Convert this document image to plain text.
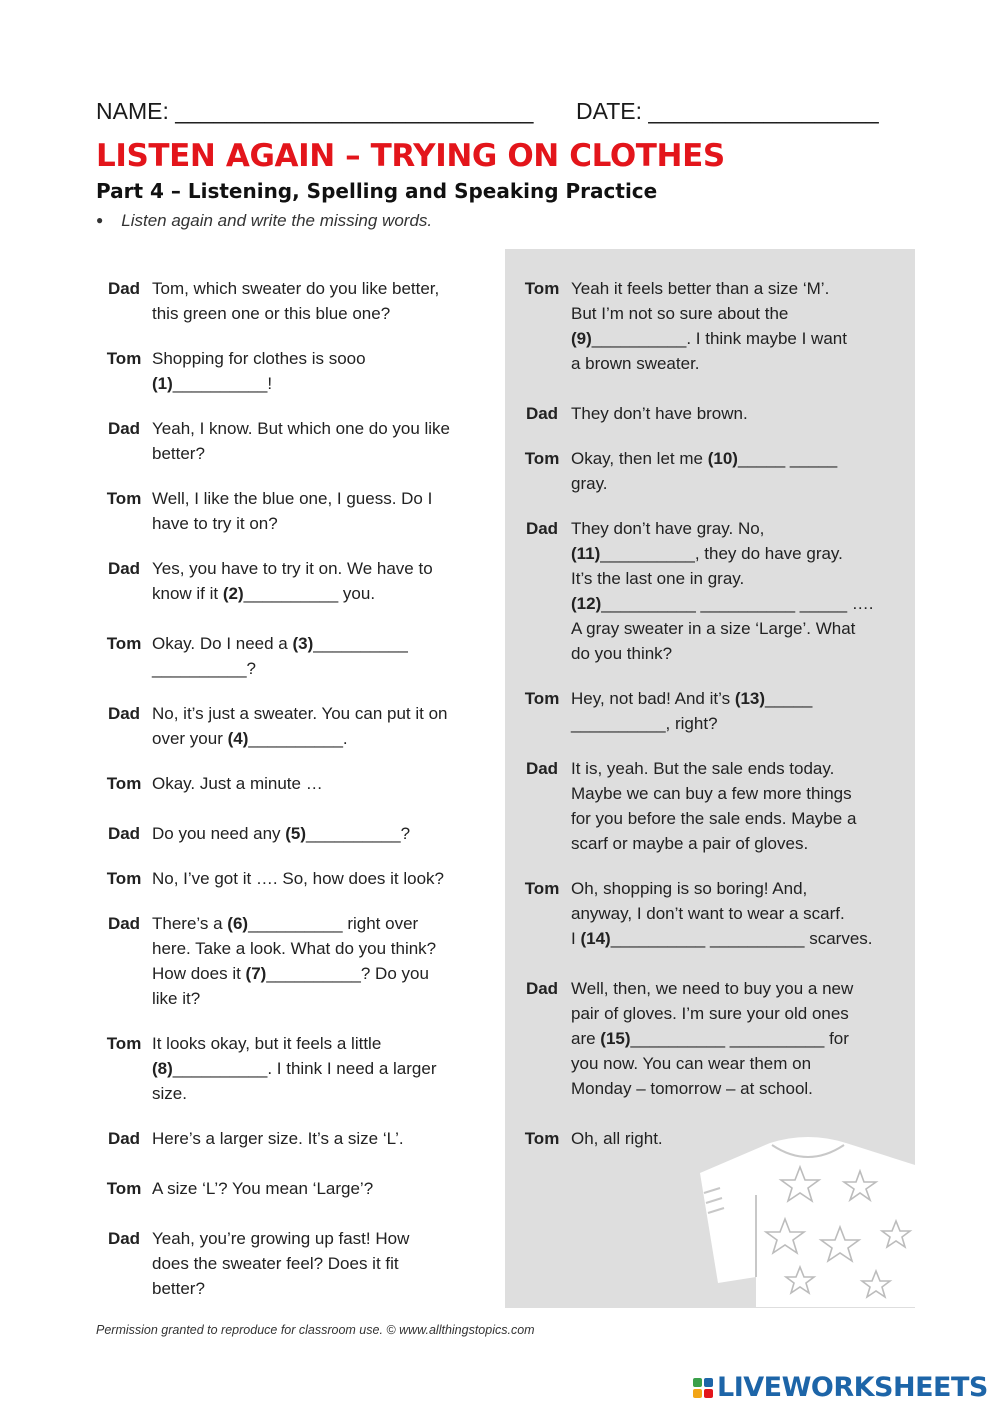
NAME: ____________________________ DATE: __________________
LISTEN AGAIN – TRYING ON CLOTHES
Part 4 – Listening, Spelling and Speaking Practice
● Listen again and write the missing words.
Dad Tom, which sweater do you like better,
this green one or this blue one?
Tom Shopping for clothes is sooo
(1)__________!
Dad Yeah, I know. But which one do you like
better?
Tom Well, I like the blue one, I guess. Do I
have to try it on?
Dad Yes, you have to try it on. We have to
know if it (2)__________ you.
Tom Okay. Do I need a (3)__________
__________?
Dad No, it’s just a sweater. You can put it on
over your (4)__________.
Tom Okay. Just a minute …
Dad Do you need any (5)__________?
Tom No, I’ve got it …. So, how does it look?
Dad There’s a (6)__________ right over
here. Take a look. What do you think?
How does it (7)__________? Do you
like it?
Tom It looks okay, but it feels a little
(8)__________. I think I need a larger
size.
Dad Here’s a larger size. It’s a size ‘L’.
Tom A size ‘L’? You mean ‘Large’?
Dad Yeah, you’re growing up fast! How
does the sweater feel? Does it fit
better?
Tom Yeah it feels better than a size ‘M’.
But I’m not so sure about the
(9)__________. I think maybe I want
a brown sweater.
Dad They don’t have brown.
Tom Okay, then let me (10)_____ _____
gray.
Dad They don’t have gray. No,
(11)__________, they do have gray.
It’s the last one in gray.
(12)__________ __________ _____ ….
A gray sweater in a size ‘Large’. What
do you think?
Tom Hey, not bad! And it’s (13)_____
__________, right?
Dad It is, yeah. But the sale ends today.
Maybe we can buy a few more things
for you before the sale ends. Maybe a
scarf or maybe a pair of gloves.
Tom Oh, shopping is so boring! And,
anyway, I don’t want to wear a scarf.
I (14)__________ __________ scarves.
Dad Well, then, we need to buy you a new
pair of gloves. I’m sure your old ones
are (15)__________ __________ for
you now. You can wear them on
Monday – tomorrow – at school.
Tom Oh, all right.
Permission granted to reproduce for classroom use. © www.allthingstopics.com
LIVEWORKSHEETS
